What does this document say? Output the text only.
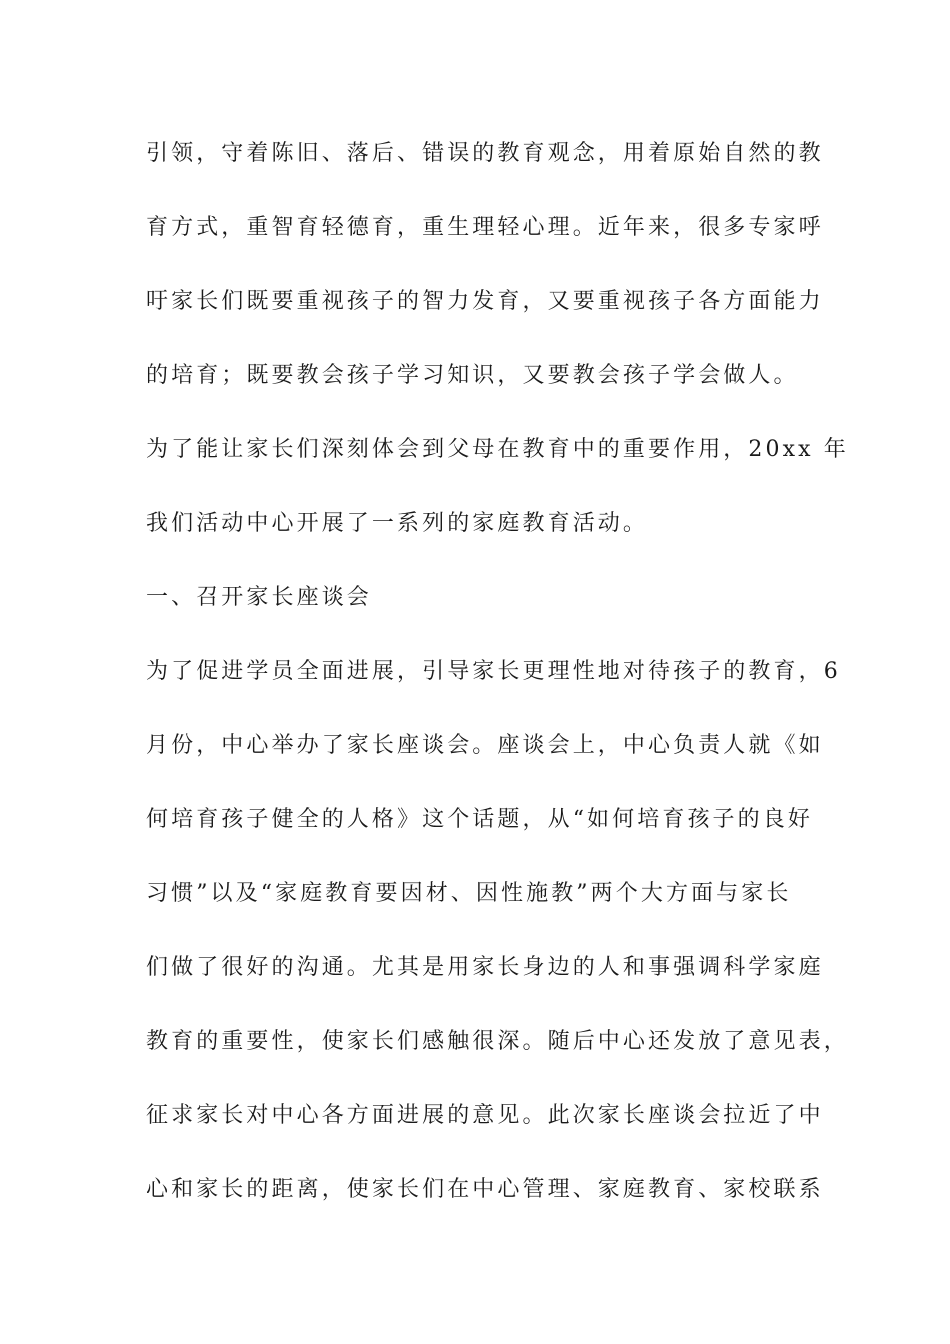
引领，守着陈旧、落后、错误的教育观念，用着原始自然的教
育方式，重智育轻德育，重生理轻心理。近年来，很多专家呼
吁家长们既要重视孩子的智力发育，又要重视孩子各方面能力
的培育；既要教会孩子学习知识，又要教会孩子学会做人。
为了能让家长们深刻体会到父母在教育中的重要作用，20xx 年
我们活动中心开展了一系列的家庭教育活动。
一、召开家长座谈会
为了促进学员全面进展，引导家长更理性地对待孩子的教育，6
月份，中心举办了家长座谈会。座谈会上，中心负责人就《如
何培育孩子健全的人格》这个话题，从“如何培育孩子的良好
习惯”以及“家庭教育要因材、因性施教”两个大方面与家长
们做了很好的沟通。尤其是用家长身边的人和事强调科学家庭
教育的重要性，使家长们感触很深。随后中心还发放了意见表，
征求家长对中心各方面进展的意见。此次家长座谈会拉近了中
心和家长的距离，使家长们在中心管理、家庭教育、家校联系
